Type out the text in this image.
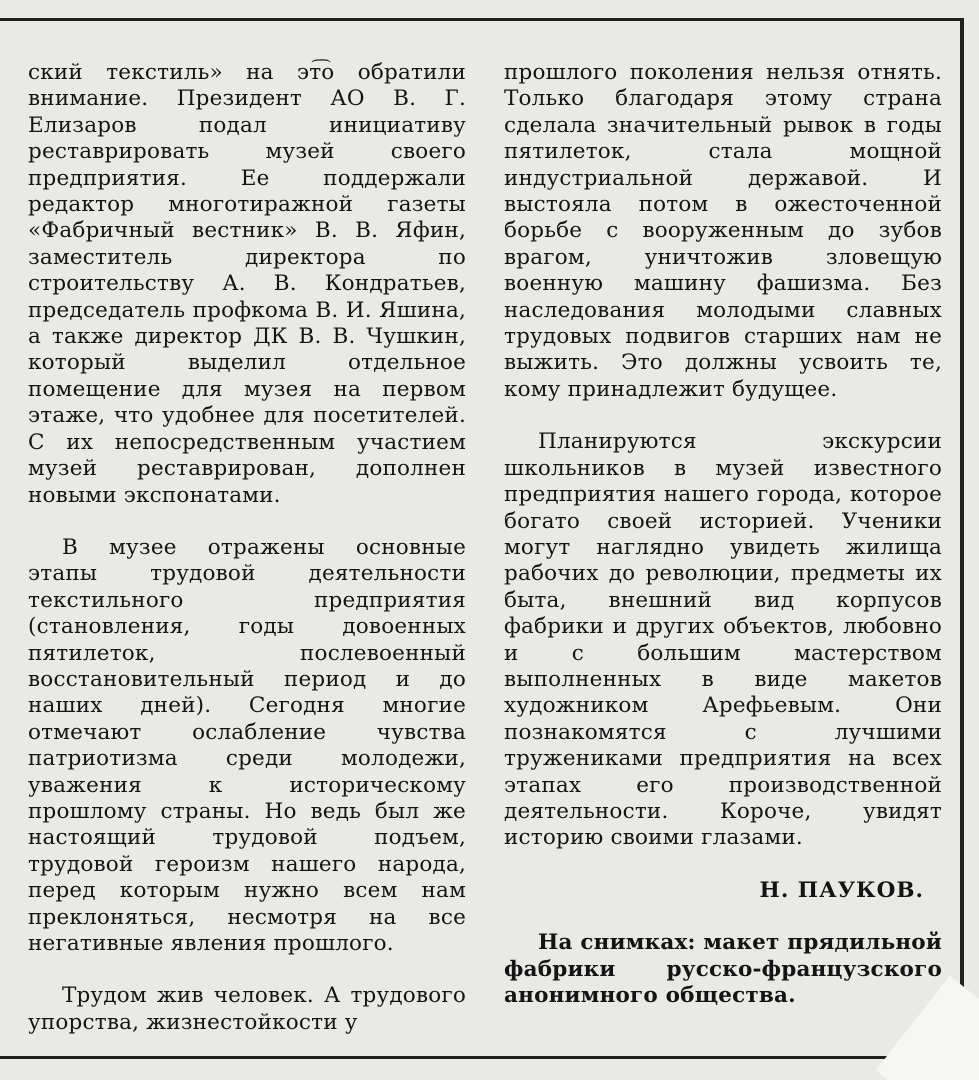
ский текстиль» на эт͡о обратили внимание. Президент АО В. Г. Елизаров подал инициативу реставрировать музей своего предприятия. Ее поддержали редактор многотиражной газеты «Фабричный вестник» В. В. Яфин, заместитель директора по строительству А. В. Кондратьев, председатель профкома В. И. Яшина, а также директор ДК В. В. Чушкин, который выделил отдельное помещение для музея на первом этаже, что удобнее для посетителей. С их непосредственным участием музей реставрирован, дополнен новыми экспонатами.

В музее отражены основные этапы трудовой деятельности текстильного предприятия (становления, годы довоенных пятилеток, послевоенный восстановительный период и до наших дней). Сегодня многие отмечают ослабление чувства патриотизма среди молодежи, уважения к историческому прошлому страны. Но ведь был же настоящий трудовой подъем, трудовой героизм нашего народа, перед которым нужно всем нам преклоняться, несмотря на все негативные явления прошлого.

Трудом жив человек. А трудового упорства, жизнестойкости у

прошлого поколения нельзя отнять. Только благодаря этому страна сделала значительный рывок в годы пятилеток, стала мощной индустриальной державой. И выстояла потом в ожесточенной борьбе с вооруженным до зубов врагом, уничтожив зловещую военную машину фашизма. Без наследования молодыми славных трудовых подвигов старших нам не выжить. Это должны усвоить те, кому принадлежит будущее.

Планируются экскурсии школьников в музей известного предприятия нашего города, которое богато своей историей. Ученики могут наглядно увидеть жилища рабочих до революции, предметы их быта, внешний вид корпусов фабрики и других объектов, любовно и с большим мастерством выполненных в виде макетов художником Арефьевым. Они познакомятся с лучшими тружениками предприятия на всех этапах его производственной деятельности. Короче, увидят историю своими глазами.

Н. ПАУКОВ.

На снимках: макет прядильной фабрики русско-французского анонимного общества.
